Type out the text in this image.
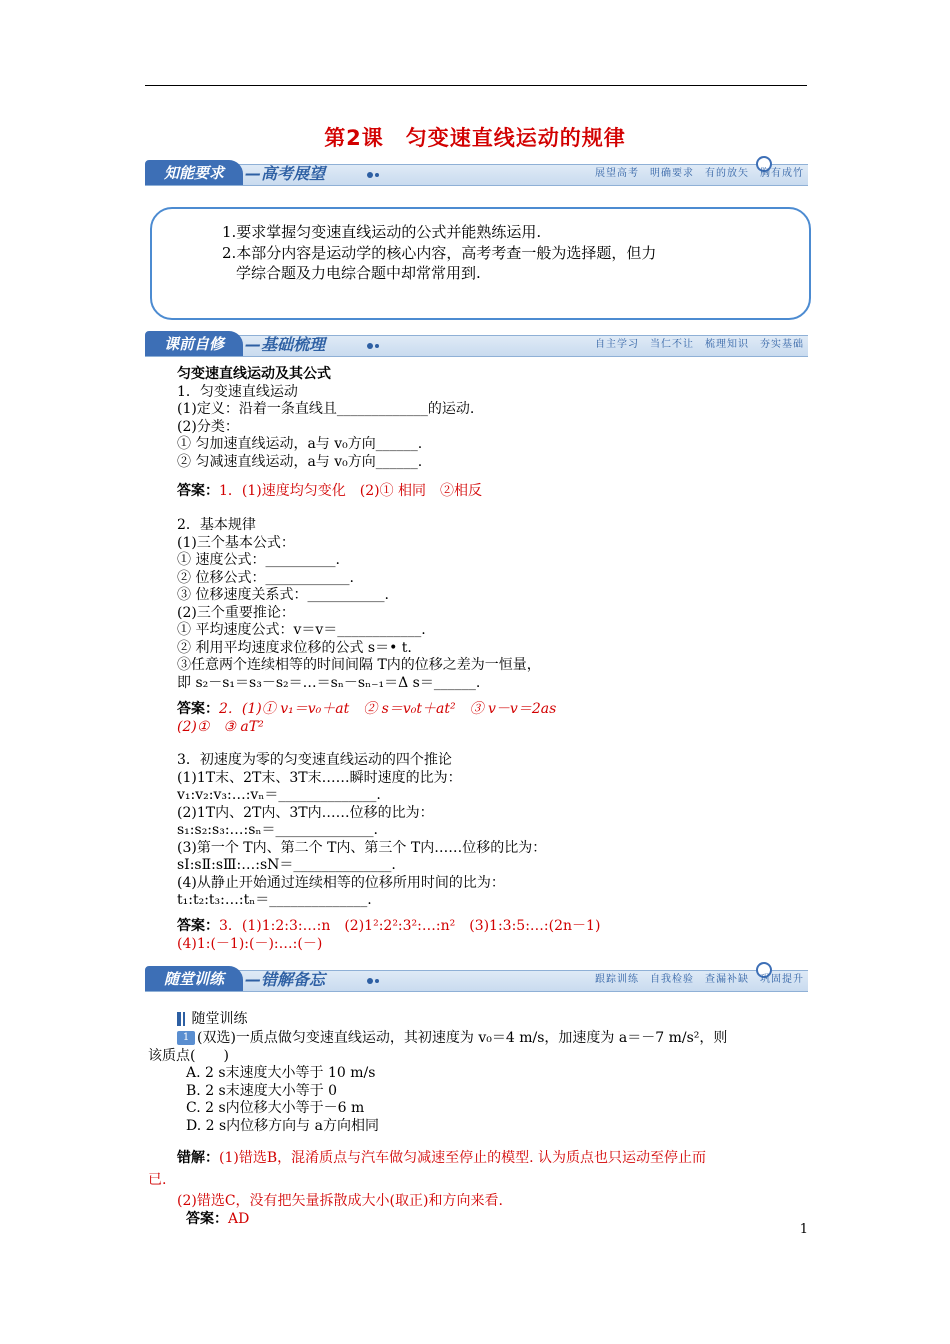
第2课　匀变速直线运动的规律
知能要求	—高考展望	展望高考　明确要求　有的放矢　胸有成竹
1.要求掌握匀变速直线运动的公式并能熟练运用.
2.本部分内容是运动学的核心内容，高考考查一般为选择题，但力
学综合题及力电综合题中却常常用到.
课前自修	—基础梳理	自主学习　当仁不让　梳理知识　夯实基础
匀变速直线运动及其公式
1．匀变速直线运动
(1)定义：沿着一条直线且_____________的运动.
(2)分类：
① 匀加速直线运动，a与 v₀方向______.
② 匀减速直线运动，a与 v₀方向______.
答案：1．(1)速度均匀变化　(2)① 相同　②相反
2．基本规律
(1)三个基本公式：
① 速度公式：__________.
② 位移公式：____________.
③ 位移速度关系式：___________.
(2)三个重要推论：
① 平均速度公式：v＝v＝____________.
② 利用平均速度求位移的公式 s＝• t.
③任意两个连续相等的时间间隔 T内的位移之差为一恒量，
即 s₂－s₁＝s₃－s₂＝…＝sₙ－sₙ₋₁＝Δ s＝______.
答案：2．(1)① v₁＝v₀＋at　② s＝v₀t＋at²　③ v－v＝2as
(2)①　③ aT²
3．初速度为零的匀变速直线运动的四个推论
(1)1T末、2T末、3T末……瞬时速度的比为：
v₁:v₂:v₃:…:vₙ＝______________.
(2)1T内、2T内、3T内……位移的比为：
s₁:s₂:s₃:…:sₙ＝______________.
(3)第一个 T内、第二个 T内、第三个 T内……位移的比为：
sⅠ:sⅡ:sⅢ:…:sN＝______________.
(4)从静止开始通过连续相等的位移所用时间的比为：
t₁:t₂:t₃:…:tₙ＝______________.
答案：3．(1)1:2:3:…:n　(2)1²:2²:3²:…:n²　(3)1:3:5:…:(2n－1)
(4)1:(－1):(－):…:(－)
随堂训练	—错解备忘	跟踪训练　自我检验　查漏补缺　巩固提升
随堂训练
1 (双选)一质点做匀变速直线运动，其初速度为 v₀＝4 m/s，加速度为 a＝－7 m/s²，则
该质点(　　)
A. 2 s末速度大小等于 10 m/s
B. 2 s末速度大小等于 0
C. 2 s内位移大小等于－6 m
D. 2 s内位移方向与 a方向相同
错解：(1)错选B，混淆质点与汽车做匀减速至停止的模型. 认为质点也只运动至停止而
已.
(2)错选C，没有把矢量拆散成大小(取正)和方向来看.
答案：AD
1
